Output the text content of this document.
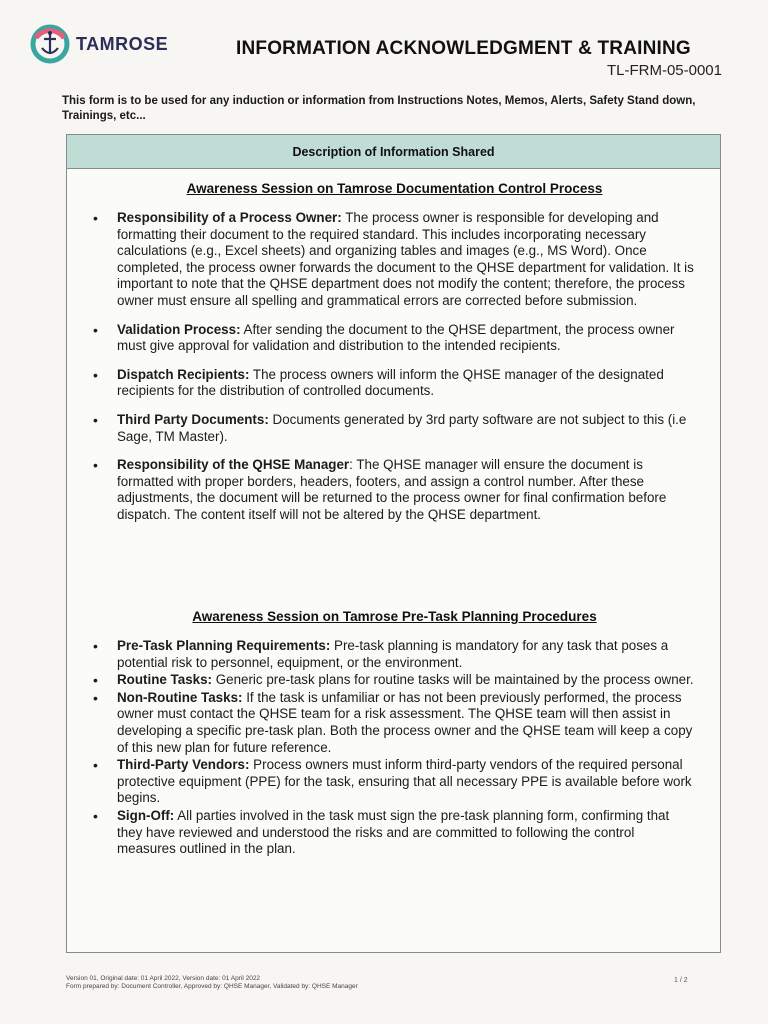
TAMROSE	INFORMATION ACKNOWLEDGMENT & TRAINING
TL-FRM-05-0001
This form is to be used for any induction or information from Instructions Notes, Memos, Alerts, Safety Stand down, Trainings, etc...
Description of Information Shared
Awareness Session on Tamrose Documentation Control Process
• Responsibility of a Process Owner: The process owner is responsible for developing and formatting their document to the required standard. This includes incorporating necessary calculations (e.g., Excel sheets) and organizing tables and images (e.g., MS Word). Once completed, the process owner forwards the document to the QHSE department for validation. It is important to note that the QHSE department does not modify the content; therefore, the process owner must ensure all spelling and grammatical errors are corrected before submission.
• Validation Process: After sending the document to the QHSE department, the process owner must give approval for validation and distribution to the intended recipients.
• Dispatch Recipients: The process owners will inform the QHSE manager of the designated recipients for the distribution of controlled documents.
• Third Party Documents: Documents generated by 3rd party software are not subject to this (i.e Sage, TM Master).
• Responsibility of the QHSE Manager: The QHSE manager will ensure the document is formatted with proper borders, headers, footers, and assign a control number. After these adjustments, the document will be returned to the process owner for final confirmation before dispatch. The content itself will not be altered by the QHSE department.
Awareness Session on Tamrose Pre-Task Planning Procedures
• Pre-Task Planning Requirements: Pre-task planning is mandatory for any task that poses a potential risk to personnel, equipment, or the environment.
• Routine Tasks: Generic pre-task plans for routine tasks will be maintained by the process owner.
• Non-Routine Tasks: If the task is unfamiliar or has not been previously performed, the process owner must contact the QHSE team for a risk assessment. The QHSE team will then assist in developing a specific pre-task plan. Both the process owner and the QHSE team will keep a copy of this new plan for future reference.
• Third-Party Vendors: Process owners must inform third-party vendors of the required personal protective equipment (PPE) for the task, ensuring that all necessary PPE is available before work begins.
• Sign-Off: All parties involved in the task must sign the pre-task planning form, confirming that they have reviewed and understood the risks and are committed to following the control measures outlined in the plan.
Version 01, Original date: 01 April 2022, Version date: 01 April 2022
Form prepared by: Document Controller, Approved by: QHSE Manager, Validated by: QHSE Manager
1 / 2
